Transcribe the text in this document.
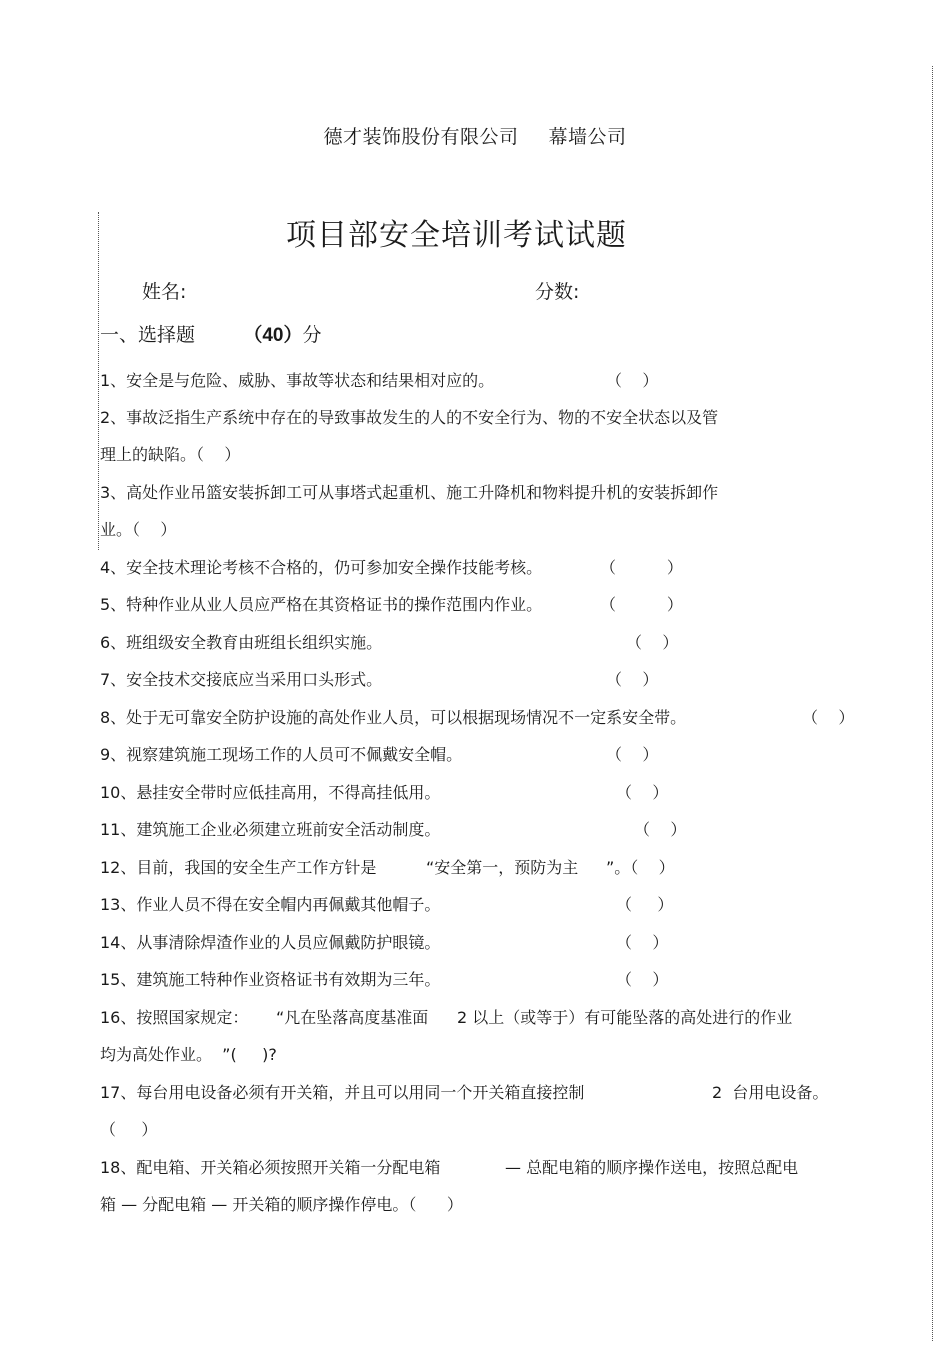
德才装饰股份有限公司 幕墙公司
项目部安全培训考试试题
姓名:	分数:
一、选择题	（40）分
1、安全是与危险、威胁、事故等状态和结果相对应的。	（    ）
2、事故泛指生产系统中存在的导致事故发生的人的不安全行为、物的不安全状态以及管
理上的缺陷。（    ）
3、高处作业吊篮安装拆卸工可从事塔式起重机、施工升降机和物料提升机的安装拆卸作
业。（    ）
4、安全技术理论考核不合格的，仍可参加安全操作技能考核。	（          ）
5、特种作业从业人员应严格在其资格证书的操作范围内作业。	（          ）
6、班组级安全教育由班组长组织实施。	（    ）
7、安全技术交接底应当采用口头形式。	（    ）
8、处于无可靠安全防护设施的高处作业人员，可以根据现场情况不一定系安全带。	（    ）
9、视察建筑施工现场工作的人员可不佩戴安全帽。	（    ）
10、悬挂安全带时应低挂高用，不得高挂低用。	（    ）
11、建筑施工企业必须建立班前安全活动制度。	（    ）
12、目前，我国的安全生产工作方针是	“安全第一，预防为主 ”。（    ）
13、作业人员不得在安全帽内再佩戴其他帽子。	（     ）
14、从事清除焊渣作业的人员应佩戴防护眼镜。	（    ）
15、建筑施工特种作业资格证书有效期为三年。	（    ）
16、按照国家规定： “凡在坠落高度基准面 2 以上（或等于）有可能坠落的高处进行的作业
均为高处作业。  ”(     )?
17、每台用电设备必须有开关箱，并且可以用同一个开关箱直接控制	2  台用电设备。
（     ）
18、配电箱、开关箱必须按照开关箱一分配电箱	— 总配电箱的顺序操作送电，按照总配电
箱 — 分配电箱 — 开关箱的顺序操作停电。（      ）
